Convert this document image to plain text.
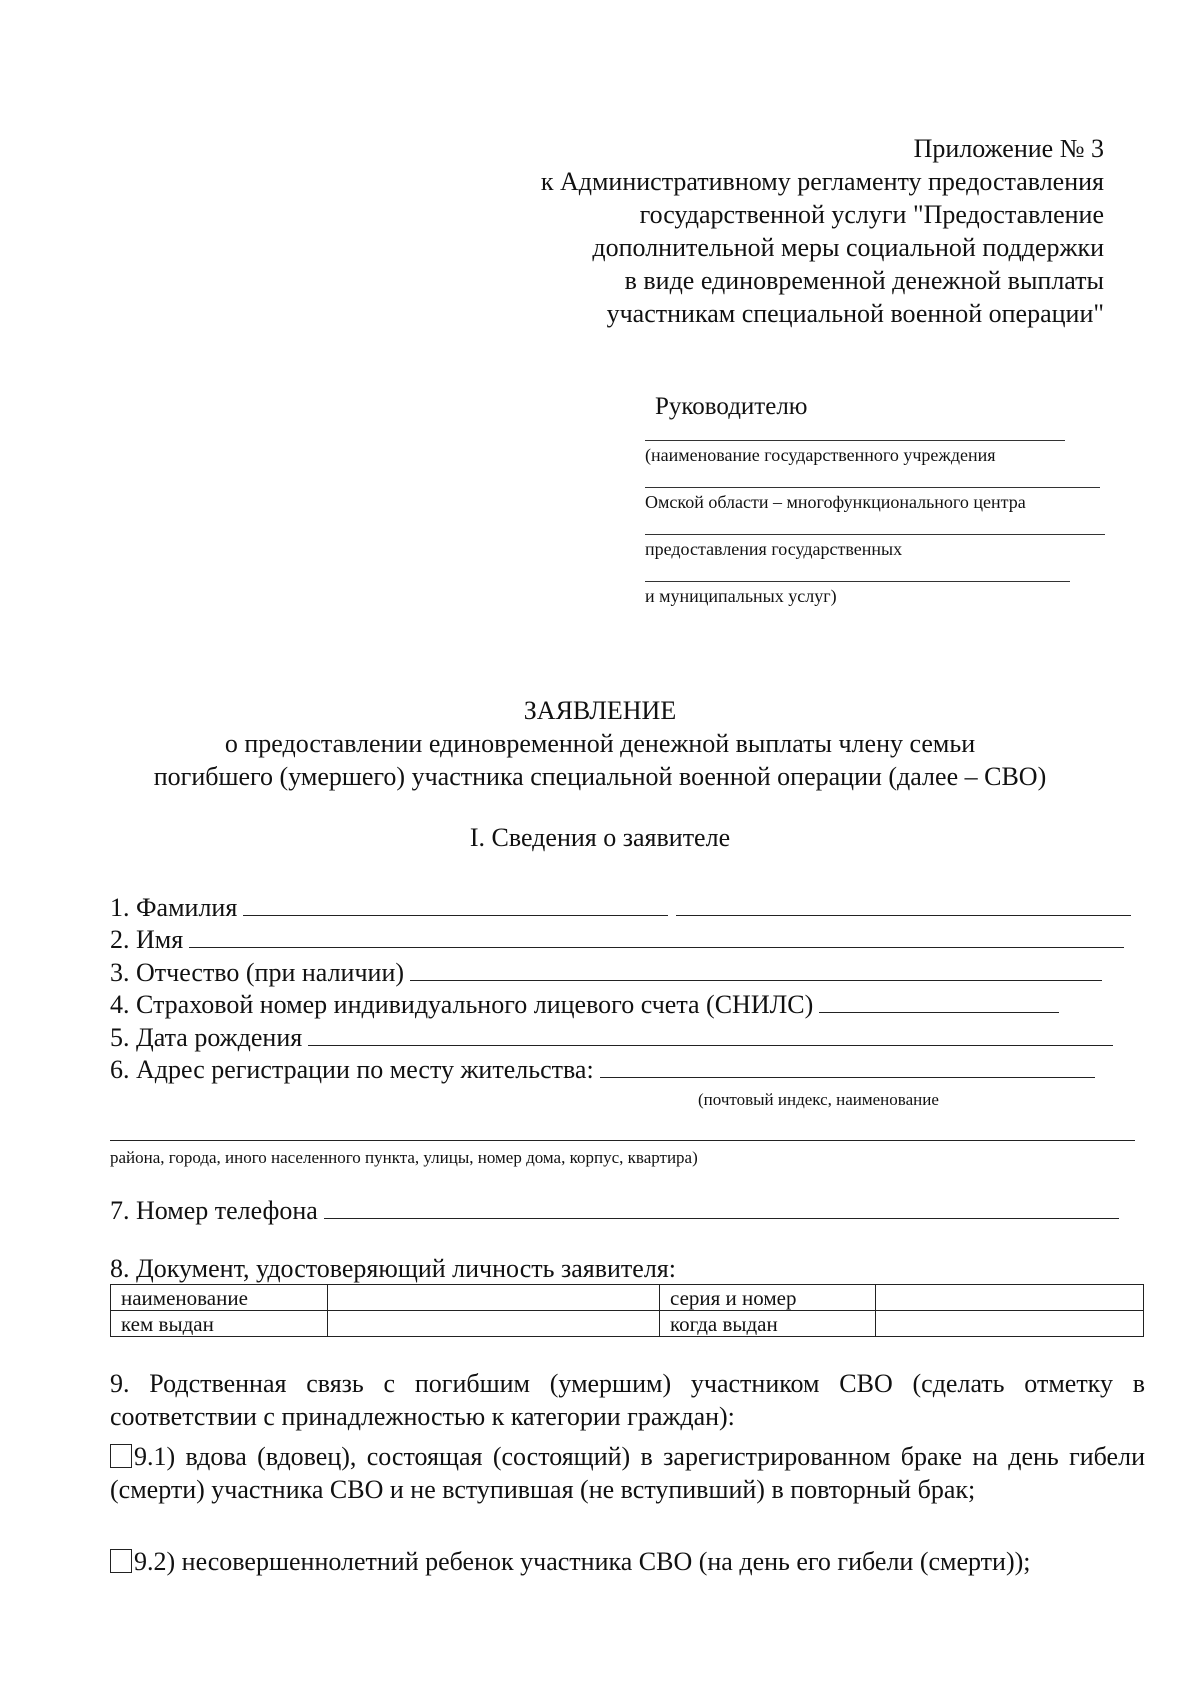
Приложение № 3
к Административному регламенту предоставления
государственной услуги "Предоставление
дополнительной меры социальной поддержки
в виде единовременной денежной выплаты
участникам специальной военной операции"
Руководителю
(наименование государственного учреждения
Омской области – многофункционального центра
предоставления государственных
и муниципальных услуг)
ЗАЯВЛЕНИЕ
о предоставлении единовременной денежной выплаты члену семьи
погибшего (умершего) участника специальной военной операции (далее – СВО)
I. Сведения о заявителе
1. Фамилия
2. Имя
3. Отчество (при наличии)
4. Страховой номер индивидуального лицевого счета (СНИЛС)
5. Дата рождения
6. Адрес регистрации по месту жительства:
(почтовый индекс, наименование
района, города, иного населенного пункта, улицы, номер дома, корпус, квартира)
7. Номер телефона
8. Документ, удостоверяющий личность заявителя:
наименование		серия и номер	
кем выдан		когда выдан	
9. Родственная связь с погибшим (умершим) участником СВО (сделать отметку в соответствии с принадлежностью к категории граждан):
9.1) вдова (вдовец), состоящая (состоящий) в зарегистрированном браке на день гибели (смерти) участника СВО и не вступившая (не вступивший) в повторный брак;
9.2) несовершеннолетний ребенок участника СВО (на день его гибели (смерти));
